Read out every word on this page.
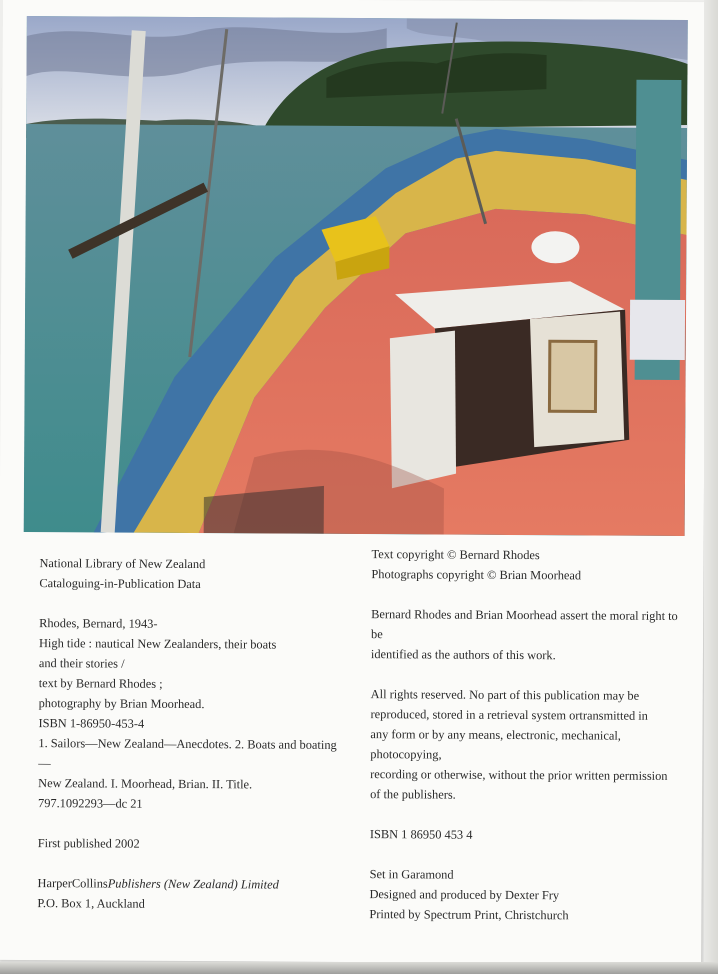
National Library of New Zealand

Cataloguing-in-Publication Data

Rhodes, Bernard, 1943-

High tide : nautical New Zealanders, their boats

and their stories /

text by Bernard Rhodes ;

photography by Brian Moorhead.

ISBN 1-86950-453-4

1. Sailors—New Zealand—Anecdotes. 2. Boats and boating—

New Zealand. I. Moorhead, Brian. II. Title.

797.1092293—dc 21

First published 2002

HarperCollinsPublishers (New Zealand) Limited

P.O. Box 1, Auckland

Text copyright © Bernard Rhodes

Photographs copyright © Brian Moorhead

Bernard Rhodes and Brian Moorhead assert the moral right to be

identified as the authors of this work.

All rights reserved. No part of this publication may be

reproduced, stored in a retrieval system ortransmitted in

any form or by any means, electronic, mechanical, photocopying,

recording or otherwise, without the prior written permission

of the publishers.

ISBN 1 86950 453 4

Set in Garamond

Designed and produced by Dexter Fry

Printed by Spectrum Print, Christchurch
